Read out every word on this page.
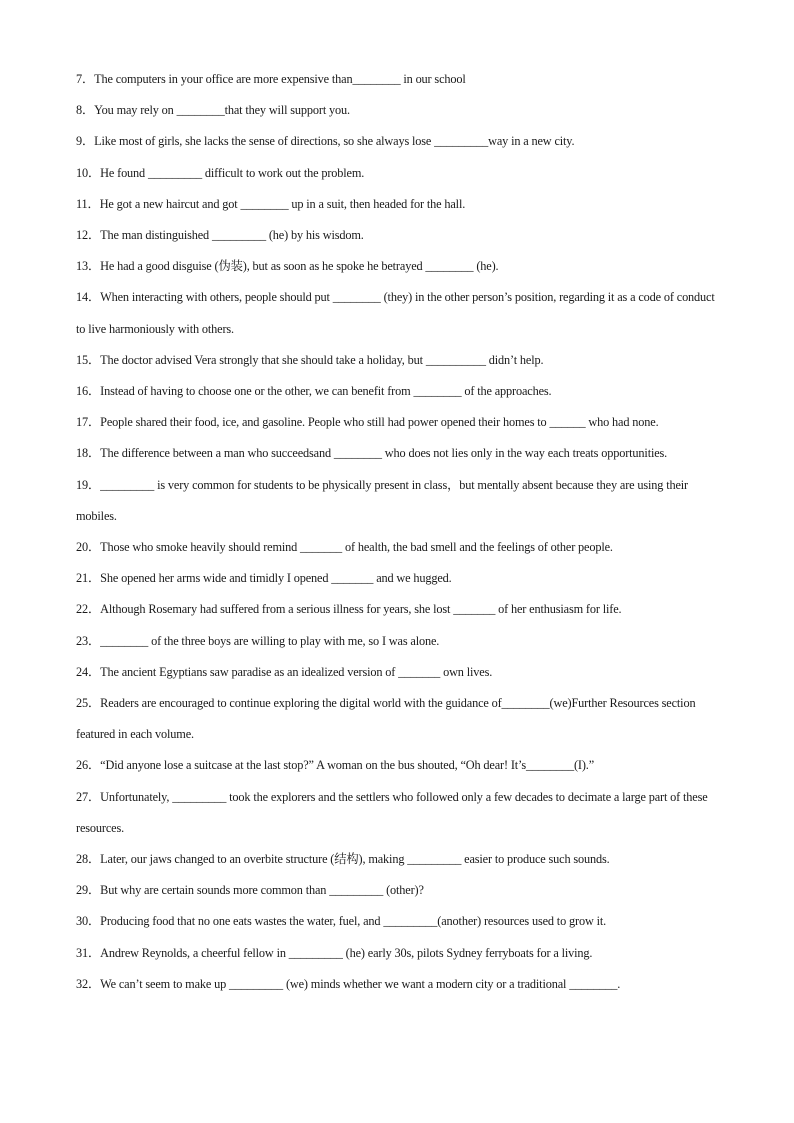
7．The computers in your office are more expensive than________ in our school

8．You may rely on ________that they will support you.

9．Like most of girls, she lacks the sense of directions, so she always lose _________way in a new city.

10．He found _________ difficult to work out the problem.

11．He got a new haircut and got ________ up in a suit, then headed for the hall.

12．The man distinguished _________ (he) by his wisdom.

13．He had a good disguise (伪装), but as soon as he spoke he betrayed ________ (he).

14．When interacting with others, people should put ________ (they) in the other person’s position, regarding it as a code of conduct to live harmoniously with others.

15．The doctor advised Vera strongly that she should take a holiday, but __________ didn’t help.

16．Instead of having to choose one or the other, we can benefit from ________ of the approaches.

17．People shared their food, ice, and gasoline. People who still had power opened their homes to ______ who had none.

18．The difference between a man who succeedsand ________ who does not lies only in the way each treats opportunities.

19．_________ is very common for students to be physically present in class，but mentally absent because they are using their mobiles.

20．Those who smoke heavily should remind _______ of health, the bad smell and the feelings of other people.

21．She opened her arms wide and timidly I opened _______ and we hugged.

22．Although Rosemary had suffered from a serious illness for years, she lost _______ of her enthusiasm for life.

23．________ of the three boys are willing to play with me, so I was alone.

24．The ancient Egyptians saw paradise as an idealized version of _______ own lives.

25．Readers are encouraged to continue exploring the digital world with the guidance of________(we)Further Resources section featured in each volume.

26．“Did anyone lose a suitcase at the last stop?” A woman on the bus shouted, “Oh dear! It’s________(I).”

27．Unfortunately, _________ took the explorers and the settlers who followed only a few decades to decimate a large part of these resources.

28．Later, our jaws changed to an overbite structure (结构), making _________ easier to produce such sounds.

29．But why are certain sounds more common than _________ (other)?

30．Producing food that no one eats wastes the water, fuel, and _________(another) resources used to grow it.

31．Andrew Reynolds, a cheerful fellow in _________ (he) early 30s, pilots Sydney ferryboats for a living.

32．We can’t seem to make up _________ (we) minds whether we want a modern city or a traditional ________.
